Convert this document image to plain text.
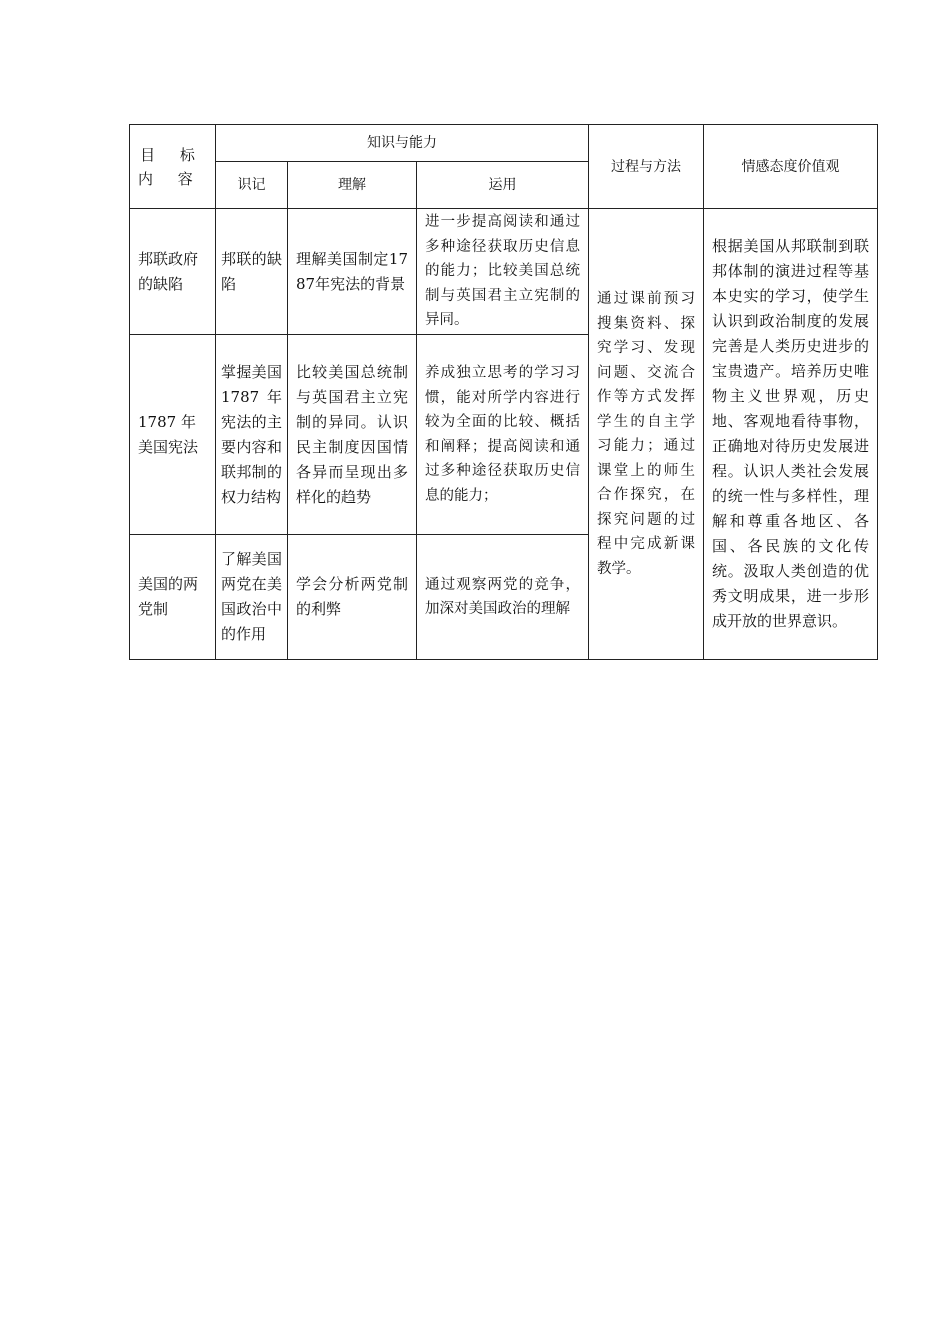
目 标
内 容	知识与能力			过程与方法	情感态度价值观
	识记	理解	运用		
邦联政府的缺陷	邦联的缺陷	理解美国制定1787年宪法的背景	进一步提高阅读和通过多种途径获取历史信息的能力；比较美国总统制与英国君主立宪制的异同。	通过课前预习搜集资料、探究学习、发现问题、交流合作等方式发挥学生的自主学习能力；通过课堂上的师生合作探究，在探究问题的过程中完成新课教学。	根据美国从邦联制到联邦体制的演进过程等基本史实的学习，使学生认识到政治制度的发展完善是人类历史进步的宝贵遗产。培养历史唯物主义世界观，历史地、客观地看待事物，正确地对待历史发展进程。认识人类社会发展的统一性与多样性，理解和尊重各地区、各国、各民族的文化传统。汲取人类创造的优秀文明成果，进一步形成开放的世界意识。
1787 年美国宪法	掌握美国1787年宪法的主要内容和联邦制的权力结构	比较美国总统制与英国君主立宪制的异同。认识民主制度因国情各异而呈现出多样化的趋势	养成独立思考的学习习惯，能对所学内容进行较为全面的比较、概括和阐释；提高阅读和通过多种途径获取历史信息的能力；		
美国的两党制	了解美国两党在美国政治中的作用	学会分析两党制的利弊	通过观察两党的竞争，加深对美国政治的理解		
